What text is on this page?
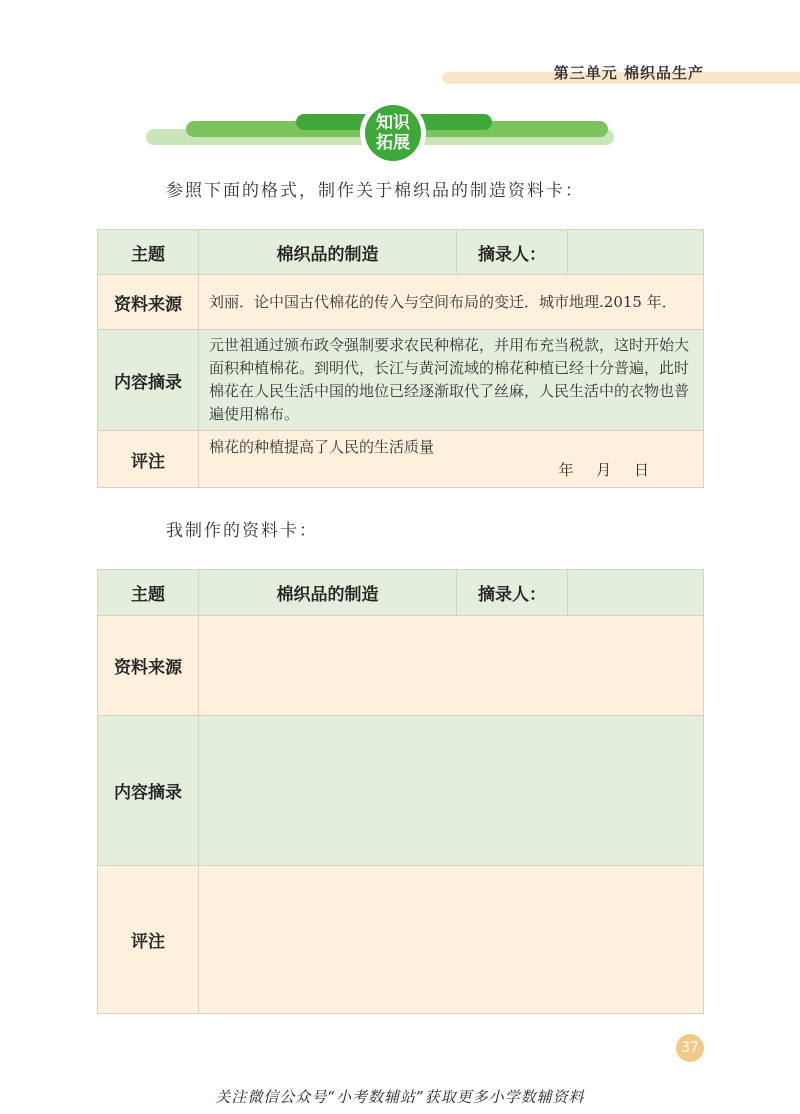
第三单元 棉织品生产
知识
拓展
参照下面的格式，制作关于棉织品的制造资料卡：
主题	棉织品的制造	摘录人：	
资料来源	刘丽．论中国古代棉花的传入与空间布局的变迁．城市地理.2015 年．		

内容摘录	元世祖通过颁布政令强制要求农民种棉花，并用布充当税款，这时开始大面积种植棉花。到明代，长江与黄河流域的棉花种植已经十分普遍，此时棉花在人民生活中国的地位已经逐渐取代了丝麻，人民生活中的衣物也普遍使用棉布。		

评注	棉花的种植提高了人民的生活质量
年 月 日		
我制作的资料卡：
主题	棉织品的制造	摘录人：	
资料来源			
内容摘录			
评注			
37
关注微信公众号“小考数辅站”获取更多小学数辅资料
